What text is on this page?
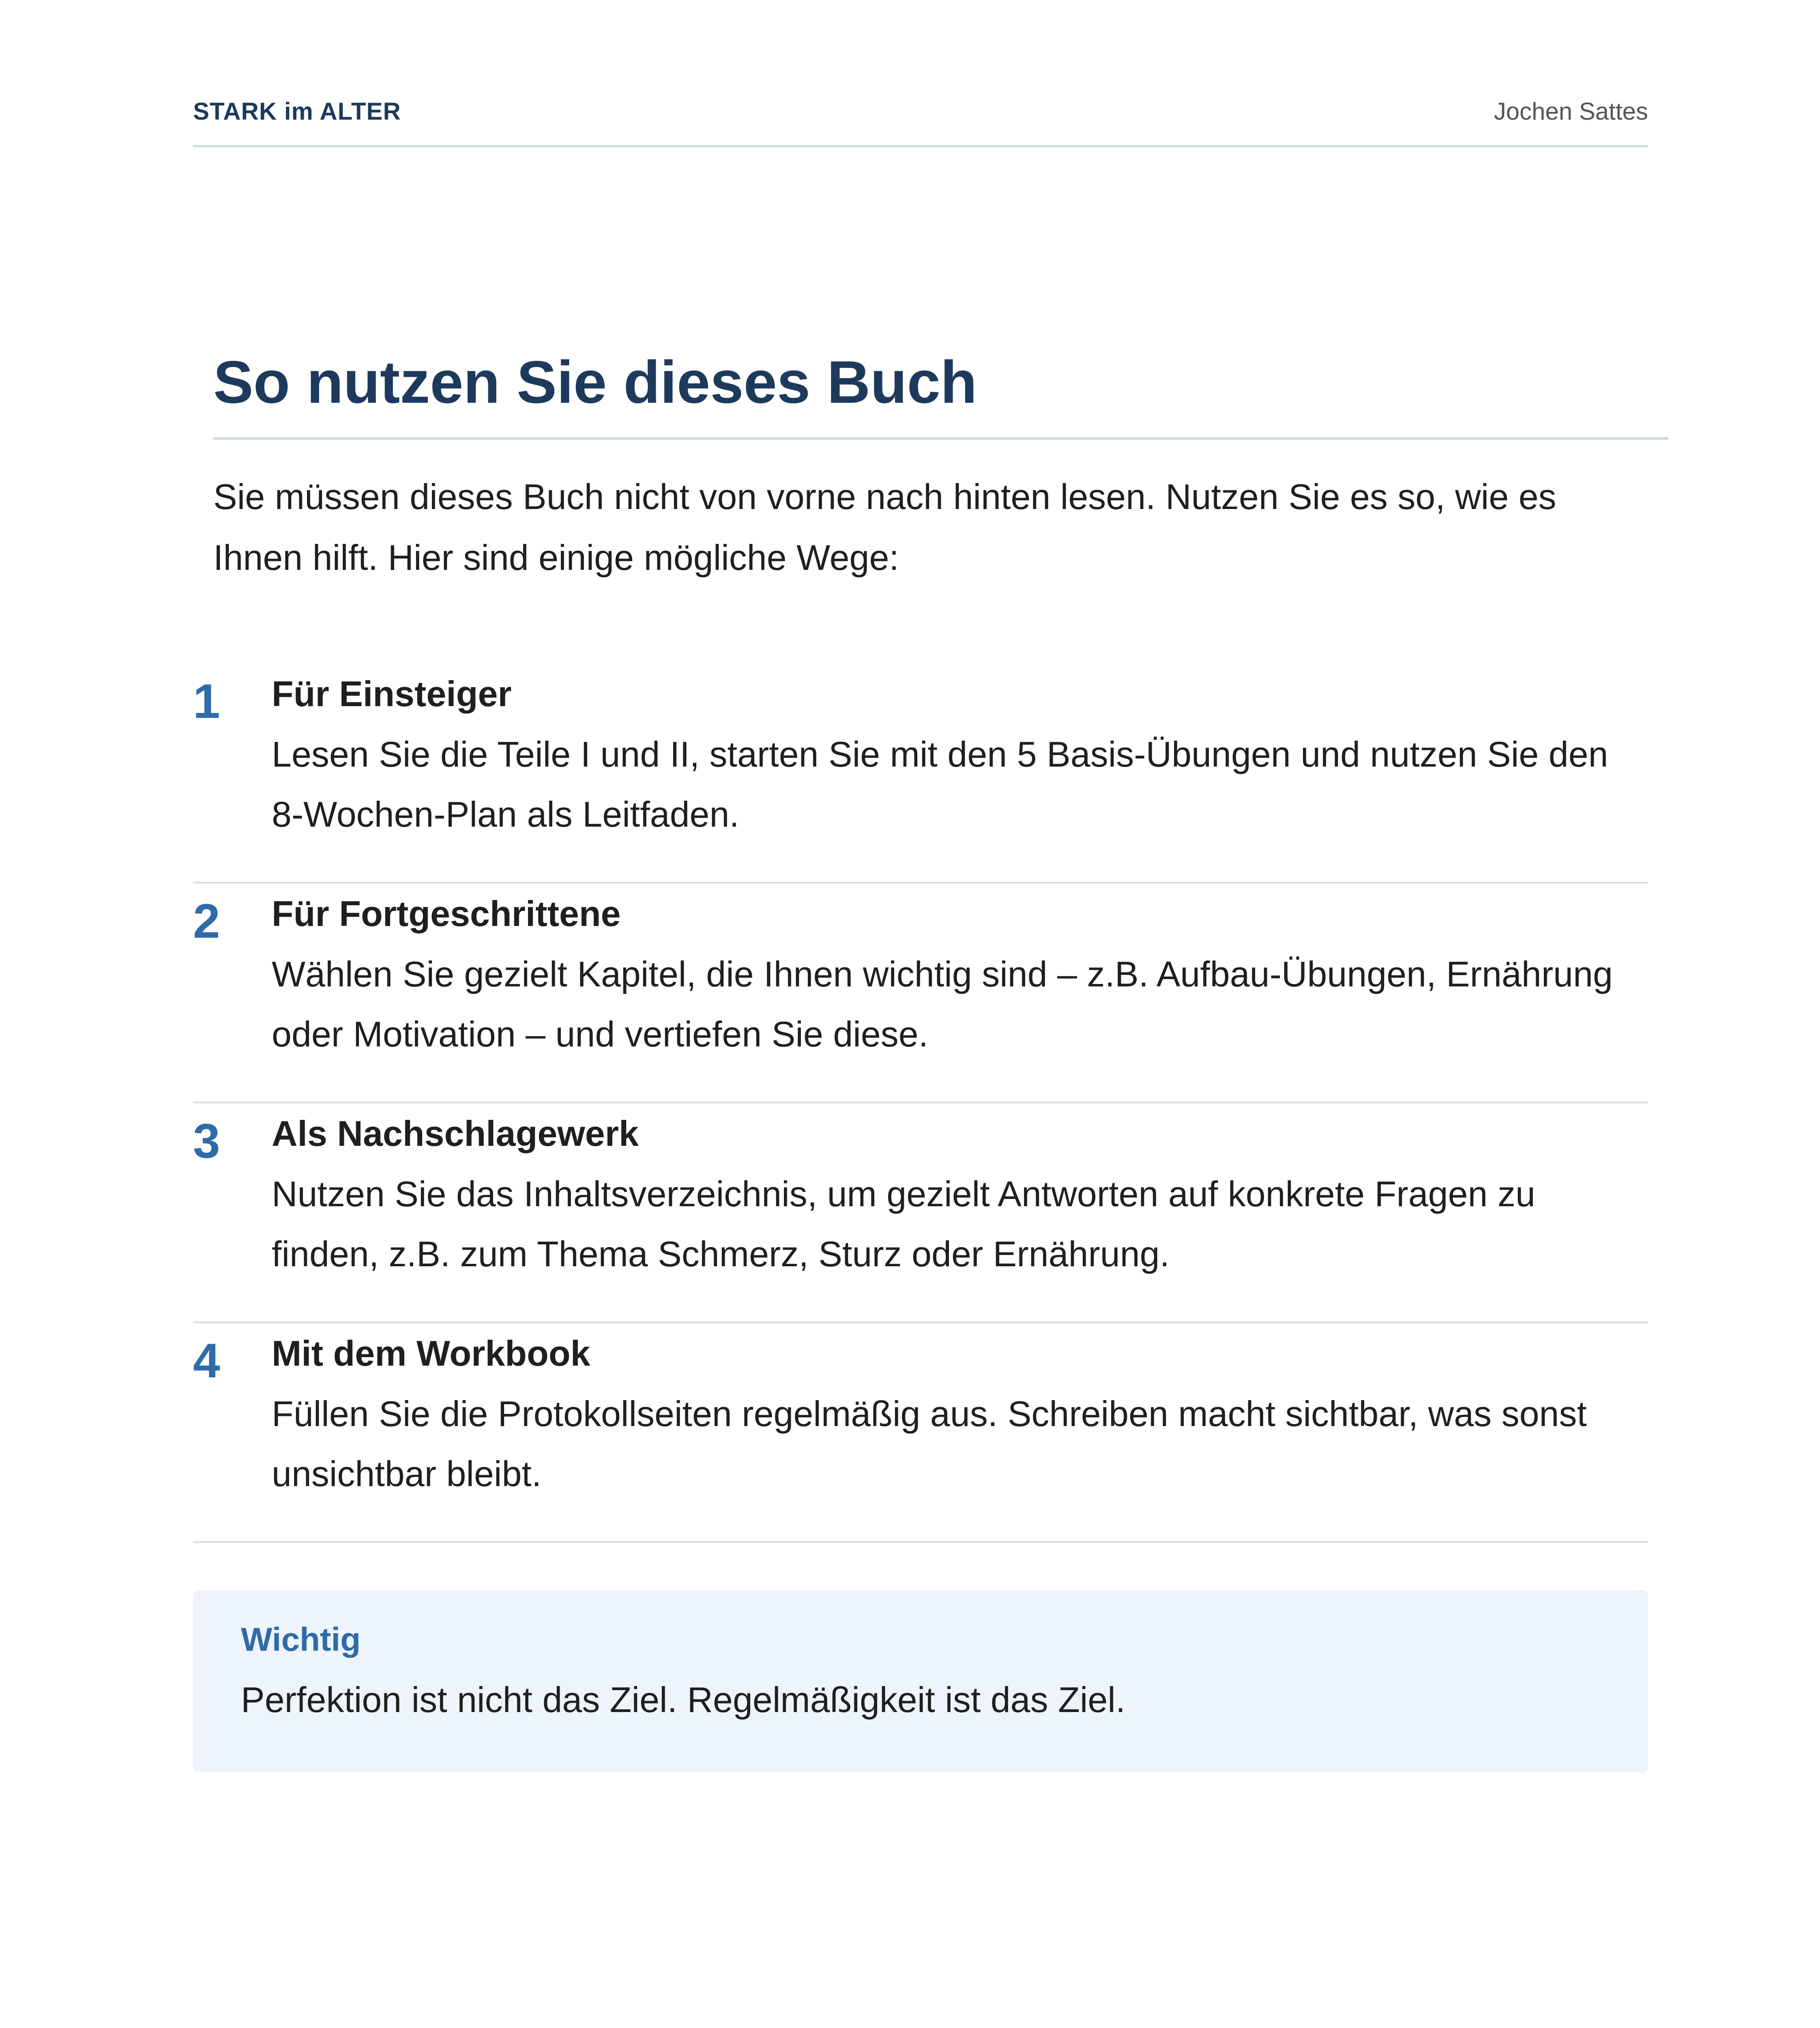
STARK im ALTER	Jochen Sattes
So nutzen Sie dieses Buch
Sie müssen dieses Buch nicht von vorne nach hinten lesen. Nutzen Sie es so, wie es Ihnen hilft. Hier sind einige mögliche Wege:
1	Für Einsteiger
Lesen Sie die Teile I und II, starten Sie mit den 5 Basis-Übungen und nutzen Sie den 8-Wochen-Plan als Leitfaden.
2	Für Fortgeschrittene
Wählen Sie gezielt Kapitel, die Ihnen wichtig sind – z.B. Aufbau-Übungen, Ernährung oder Motivation – und vertiefen Sie diese.
3	Als Nachschlagewerk
Nutzen Sie das Inhaltsverzeichnis, um gezielt Antworten auf konkrete Fragen zu finden, z.B. zum Thema Schmerz, Sturz oder Ernährung.
4	Mit dem Workbook
Füllen Sie die Protokollseiten regelmäßig aus. Schreiben macht sichtbar, was sonst unsichtbar bleibt.
Wichtig
Perfektion ist nicht das Ziel. Regelmäßigkeit ist das Ziel.
